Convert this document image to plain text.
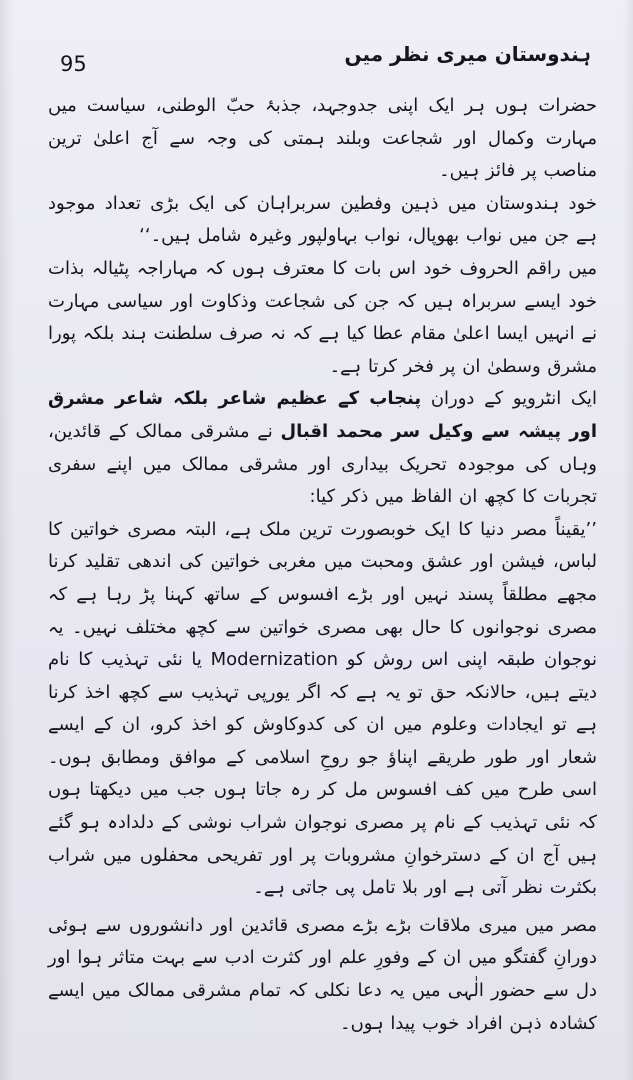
95	ہندوستان میری نظر میں

حضرات ہوں ہر ایک اپنی جدوجہد، جذبۂ حبّ الوطنی، سیاست میں مہارت وکمال اور شجاعت وبلند ہمتی کی وجہ سے آج اعلیٰ ترین مناصب پر فائز ہیں۔

خود ہندوستان میں ذہین وفطین سربراہان کی ایک بڑی تعداد موجود ہے جن میں نواب بھوپال، نواب بہاولپور وغیرہ شامل ہیں۔‘‘

میں راقم الحروف خود اس بات کا معترف ہوں کہ مہاراجہ پٹیالہ بذات خود ایسے سربراہ ہیں کہ جن کی شجاعت وذکاوت اور سیاسی مہارت نے انہیں ایسا اعلیٰ مقام عطا کیا ہے کہ نہ صرف سلطنت ہند بلکہ پورا مشرق وسطیٰ ان پر فخر کرتا ہے۔

ایک انٹرویو کے دوران پنجاب کے عظیم شاعر بلکہ شاعر مشرق اور پیشہ سے وکیل سر محمد اقبال نے مشرقی ممالک کے قائدین، وہاں کی موجودہ تحریک بیداری اور مشرقی ممالک میں اپنے سفری تجربات کا کچھ ان الفاظ میں ذکر کیا:

’’یقیناً مصر دنیا کا ایک خوبصورت ترین ملک ہے، البتہ مصری خواتین کا لباس، فیشن اور عشق ومحبت میں مغربی خواتین کی اندھی تقلید کرنا مجھے مطلقاً پسند نہیں اور بڑے افسوس کے ساتھ کہنا پڑ رہا ہے کہ مصری نوجوانوں کا حال بھی مصری خواتین سے کچھ مختلف نہیں۔ یہ نوجوان طبقہ اپنی اس روش کو Modernization یا نئی تہذیب کا نام دیتے ہیں، حالانکہ حق تو یہ ہے کہ اگر یورپی تہذیب سے کچھ اخذ کرنا ہے تو ایجادات وعلوم میں ان کی کدوکاوش کو اخذ کرو، ان کے ایسے شعار اور طور طریقے اپناؤ جو روحِ اسلامی کے موافق ومطابق ہوں۔ اسی طرح میں کف افسوس مل کر رہ جاتا ہوں جب میں دیکھتا ہوں کہ نئی تہذیب کے نام پر مصری نوجوان شراب نوشی کے دلدادہ ہو گئے ہیں آج ان کے دسترخوانِ مشروبات پر اور تفریحی محفلوں میں شراب بکثرت نظر آتی ہے اور بلا تامل پی جاتی ہے۔

مصر میں میری ملاقات بڑے بڑے مصری قائدین اور دانشوروں سے ہوئی دورانِ گفتگو میں ان کے وفورِ علم اور کثرت ادب سے بہت متاثر ہوا اور دل سے حضور الٰہی میں یہ دعا نکلی کہ تمام مشرقی ممالک میں ایسے کشادہ ذہن افراد خوب پیدا ہوں۔
